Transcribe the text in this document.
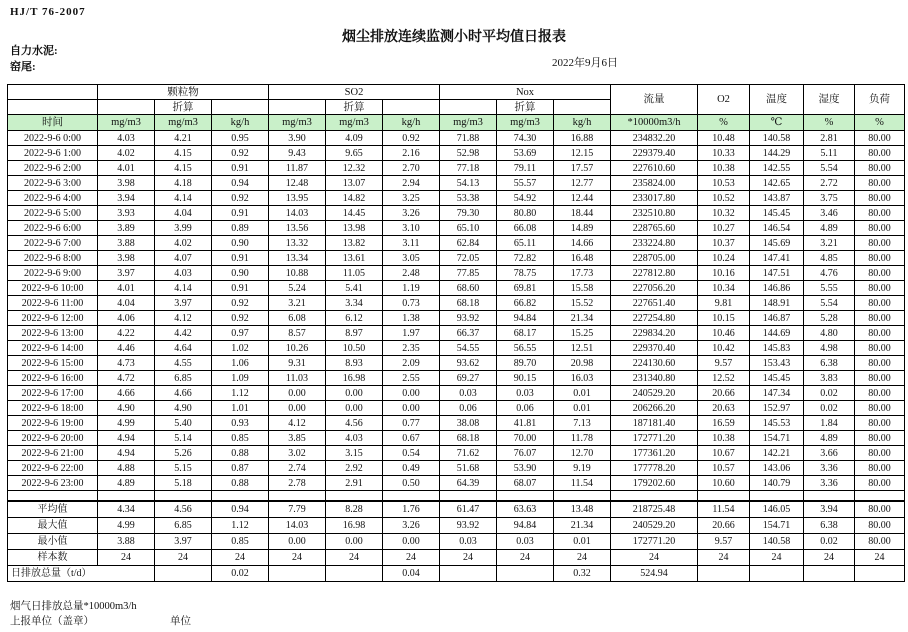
HJ/T 76-2007
烟尘排放连续监测小时平均值日报表
自力水泥:
窑尾:	2022年9月6日
	颗粒物			SO2			Nox			流量	O2	温度	湿度	负荷
		折算			折算			折算						
时间	mg/m3	mg/m3	kg/h	mg/m3	mg/m3	kg/h	mg/m3	mg/m3	kg/h	*10000m3/h	%	℃	%	%
2022-9-6 0:00	4.03	4.21	0.95	3.90	4.09	0.92	71.88	74.30	16.88	234832.20	10.48	140.58	2.81	80.00
2022-9-6 1:00	4.02	4.15	0.92	9.43	9.65	2.16	52.98	53.69	12.15	229379.40	10.33	144.29	5.11	80.00
2022-9-6 2:00	4.01	4.15	0.91	11.87	12.32	2.70	77.18	79.11	17.57	227610.60	10.38	142.55	5.54	80.00
2022-9-6 3:00	3.98	4.18	0.94	12.48	13.07	2.94	54.13	55.57	12.77	235824.00	10.53	142.65	2.72	80.00
2022-9-6 4:00	3.94	4.14	0.92	13.95	14.82	3.25	53.38	54.92	12.44	233017.80	10.52	143.87	3.75	80.00
2022-9-6 5:00	3.93	4.04	0.91	14.03	14.45	3.26	79.30	80.80	18.44	232510.80	10.32	145.45	3.46	80.00
2022-9-6 6:00	3.89	3.99	0.89	13.56	13.98	3.10	65.10	66.08	14.89	228765.60	10.27	146.54	4.89	80.00
2022-9-6 7:00	3.88	4.02	0.90	13.32	13.82	3.11	62.84	65.11	14.66	233224.80	10.37	145.69	3.21	80.00
2022-9-6 8:00	3.98	4.07	0.91	13.34	13.61	3.05	72.05	72.82	16.48	228705.00	10.24	147.41	4.85	80.00
2022-9-6 9:00	3.97	4.03	0.90	10.88	11.05	2.48	77.85	78.75	17.73	227812.80	10.16	147.51	4.76	80.00
2022-9-6 10:00	4.01	4.14	0.91	5.24	5.41	1.19	68.60	69.81	15.58	227056.20	10.34	146.86	5.55	80.00
2022-9-6 11:00	4.04	3.97	0.92	3.21	3.34	0.73	68.18	66.82	15.52	227651.40	9.81	148.91	5.54	80.00
2022-9-6 12:00	4.06	4.12	0.92	6.08	6.12	1.38	93.92	94.84	21.34	227254.80	10.15	146.87	5.28	80.00
2022-9-6 13:00	4.22	4.42	0.97	8.57	8.97	1.97	66.37	68.17	15.25	229834.20	10.46	144.69	4.80	80.00
2022-9-6 14:00	4.46	4.64	1.02	10.26	10.50	2.35	54.55	56.55	12.51	229370.40	10.42	145.83	4.98	80.00
2022-9-6 15:00	4.73	4.55	1.06	9.31	8.93	2.09	93.62	89.70	20.98	224130.60	9.57	153.43	6.38	80.00
2022-9-6 16:00	4.72	6.85	1.09	11.03	16.98	2.55	69.27	90.15	16.03	231340.80	12.52	145.45	3.83	80.00
2022-9-6 17:00	4.66	4.66	1.12	0.00	0.00	0.00	0.03	0.03	0.01	240529.20	20.66	147.34	0.02	80.00
2022-9-6 18:00	4.90	4.90	1.01	0.00	0.00	0.00	0.06	0.06	0.01	206266.20	20.63	152.97	0.02	80.00
2022-9-6 19:00	4.99	5.40	0.93	4.12	4.56	0.77	38.08	41.81	7.13	187181.40	16.59	145.53	1.84	80.00
2022-9-6 20:00	4.94	5.14	0.85	3.85	4.03	0.67	68.18	70.00	11.78	172771.20	10.38	154.71	4.89	80.00
2022-9-6 21:00	4.94	5.26	0.88	3.02	3.15	0.54	71.62	76.07	12.70	177361.20	10.67	142.21	3.66	80.00
2022-9-6 22:00	4.88	5.15	0.87	2.74	2.92	0.49	51.68	53.90	9.19	177778.20	10.57	143.06	3.36	80.00
2022-9-6 23:00	4.89	5.18	0.88	2.78	2.91	0.50	64.39	68.07	11.54	179202.60	10.60	140.79	3.36	80.00

平均值	4.34	4.56	0.94	7.79	8.28	1.76	61.47	63.63	13.48	218725.48	11.54	146.05	3.94	80.00
最大值	4.99	6.85	1.12	14.03	16.98	3.26	93.92	94.84	21.34	240529.20	20.66	154.71	6.38	80.00
最小值	3.88	3.97	0.85	0.00	0.00	0.00	0.03	0.03	0.01	172771.20	9.57	140.58	0.02	80.00
样本数	24	24	24	24	24	24	24	24	24	24	24	24	24	24
日排放总量（t/d）			0.02			0.04			0.32	524.94				
烟气日排放总量*10000m3/h
上报单位（盖章）	单位
